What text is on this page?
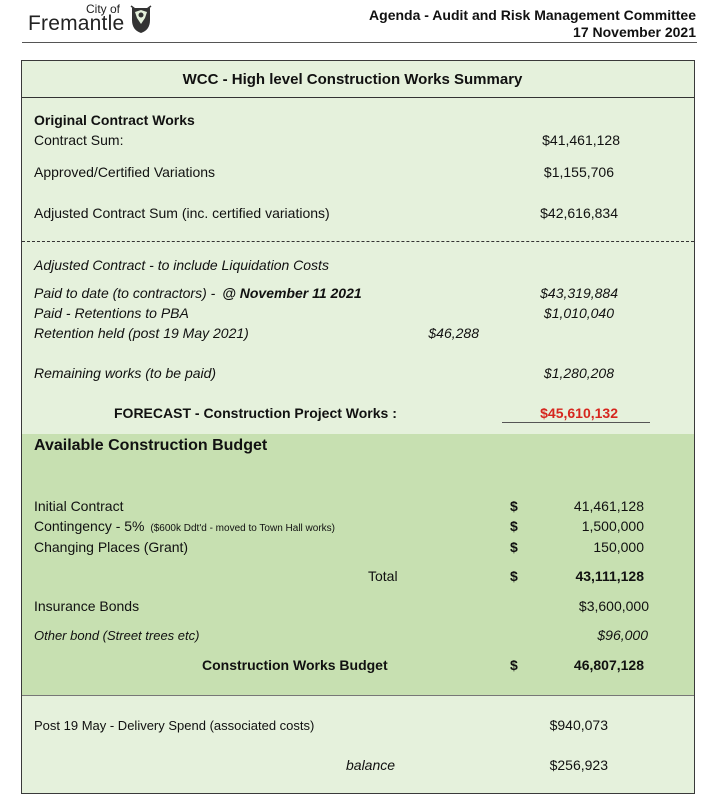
City of
Fremantle	Agenda - Audit and Risk Management Committee
17 November 2021
WCC - High level Construction Works Summary
Original Contract Works
Contract Sum:	$41,461,128
Approved/Certified Variations	$1,155,706
Adjusted Contract Sum (inc. certified variations)	$42,616,834
Adjusted Contract - to include Liquidation Costs
Paid to date (to contractors) - @ November 11 2021	$43,319,884
Paid - Retentions to PBA	$1,010,040
Retention held (post 19 May 2021)	$46,288
Remaining works (to be paid)	$1,280,208
FORECAST - Construction Project Works :	$45,610,132
Available Construction Budget
Initial Contract	$	41,461,128
Contingency - 5% ($600k Ddt'd - moved to Town Hall works)	$	1,500,000
Changing Places (Grant)	$	150,000
Total	$	43,111,128
Insurance Bonds	$3,600,000
Other bond (Street trees etc)	$96,000
Construction Works Budget	$	46,807,128
Post 19 May - Delivery Spend (associated costs)	$940,073
balance	$256,923
